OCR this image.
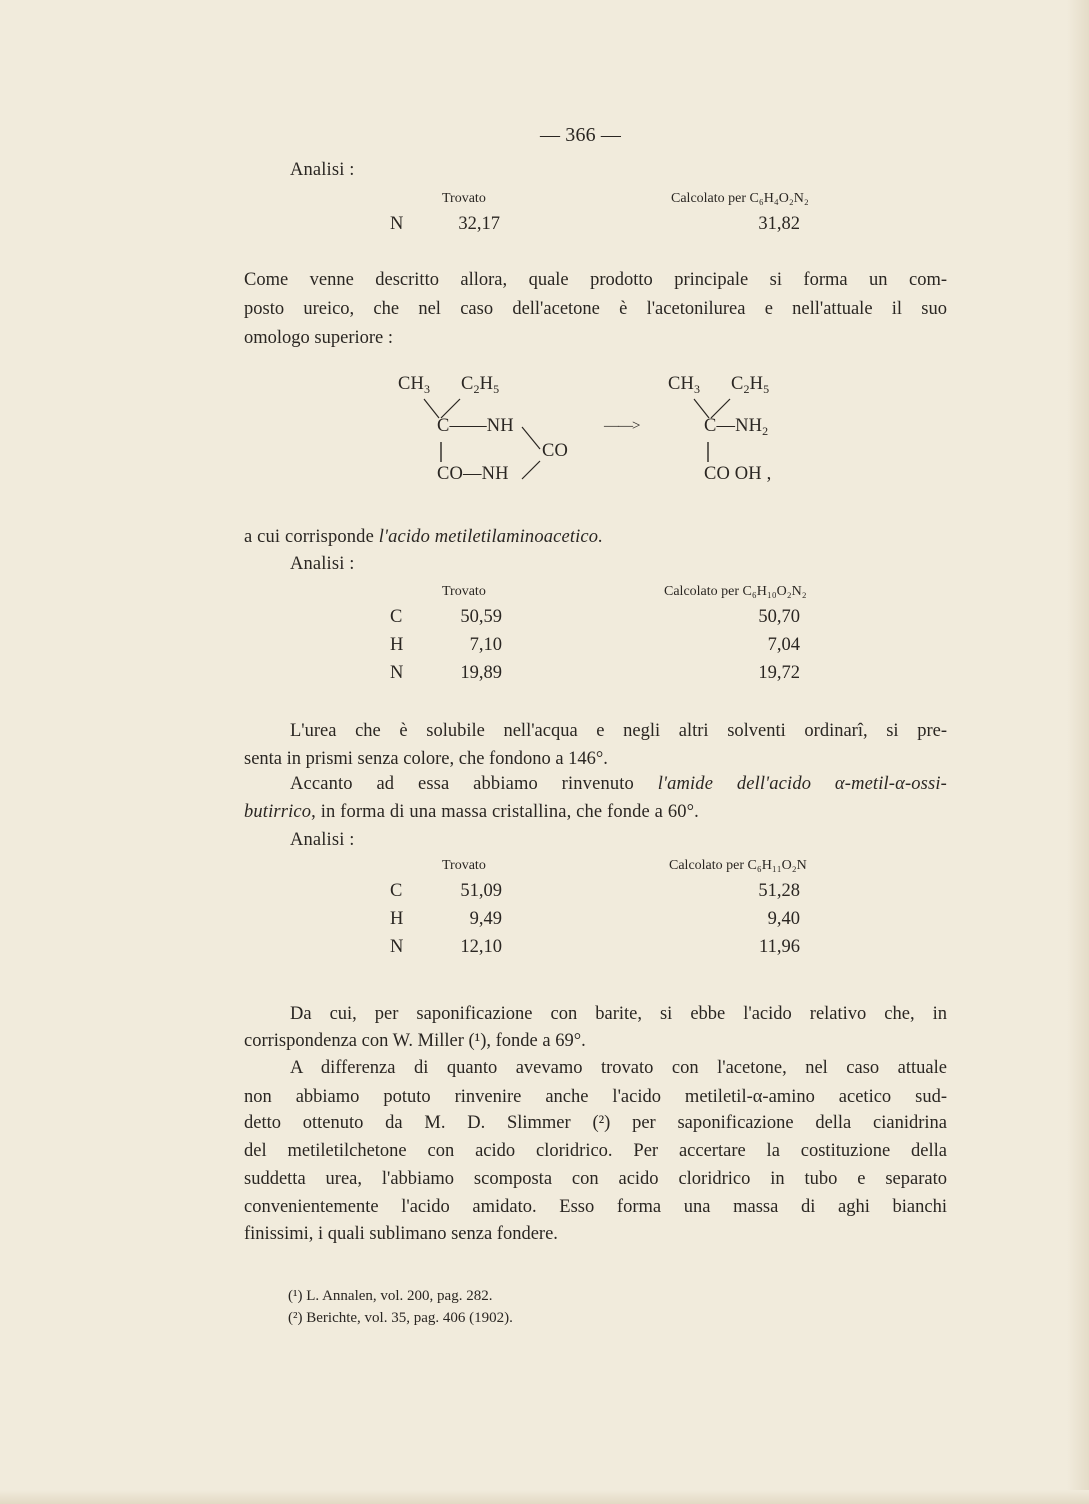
— 366 —
Analisi :
Trovato	Calcolato per C₆H₄O₂N₂
N	32,17	31,82
Come venne descritto allora, quale prodotto principale si forma un com-
posto ureico, che nel caso dell'acetone è l'acetonilurea e nell'attuale il suo
omologo superiore :
$CH_3$ $C_2H_5$
C——NH
CO
CO—NH
——>
$CH_3$ $C_2H_5$
$C—NH_2$
CO OH ,
a cui corrisponde l'acido metiletilaminoacetico.
Analisi :
Trovato	Calcolato per C₆H₁₀O₂N₂
C	50,59	50,70
H	7,10	7,04
N	19,89	19,72
L'urea che è solubile nell'acqua e negli altri solventi ordinarî, si pre-
senta in prismi senza colore, che fondono a 146°.
Accanto ad essa abbiamo rinvenuto l'amide dell'acido α-metil-α-ossi-
butirrico, in forma di una massa cristallina, che fonde a 60°.
Analisi :
Trovato	Calcolato per C₆H₁₁O₂N
C	51,09	51,28
H	9,49	9,40
N	12,10	11,96
Da cui, per saponificazione con barite, si ebbe l'acido relativo che, in
corrispondenza con W. Miller (¹), fonde a 69°.
A differenza di quanto avevamo trovato con l'acetone, nel caso attuale
non abbiamo potuto rinvenire anche l'acido metiletil-α-amino acetico sud-
detto ottenuto da M. D. Slimmer (²) per saponificazione della cianidrina
del metiletilchetone con acido cloridrico. Per accertare la costituzione della
suddetta urea, l'abbiamo scomposta con acido cloridrico in tubo e separato
convenientemente l'acido amidato. Esso forma una massa di aghi bianchi
finissimi, i quali sublimano senza fondere.
(¹) L. Annalen, vol. 200, pag. 282.
(²) Berichte, vol. 35, pag. 406 (1902).
